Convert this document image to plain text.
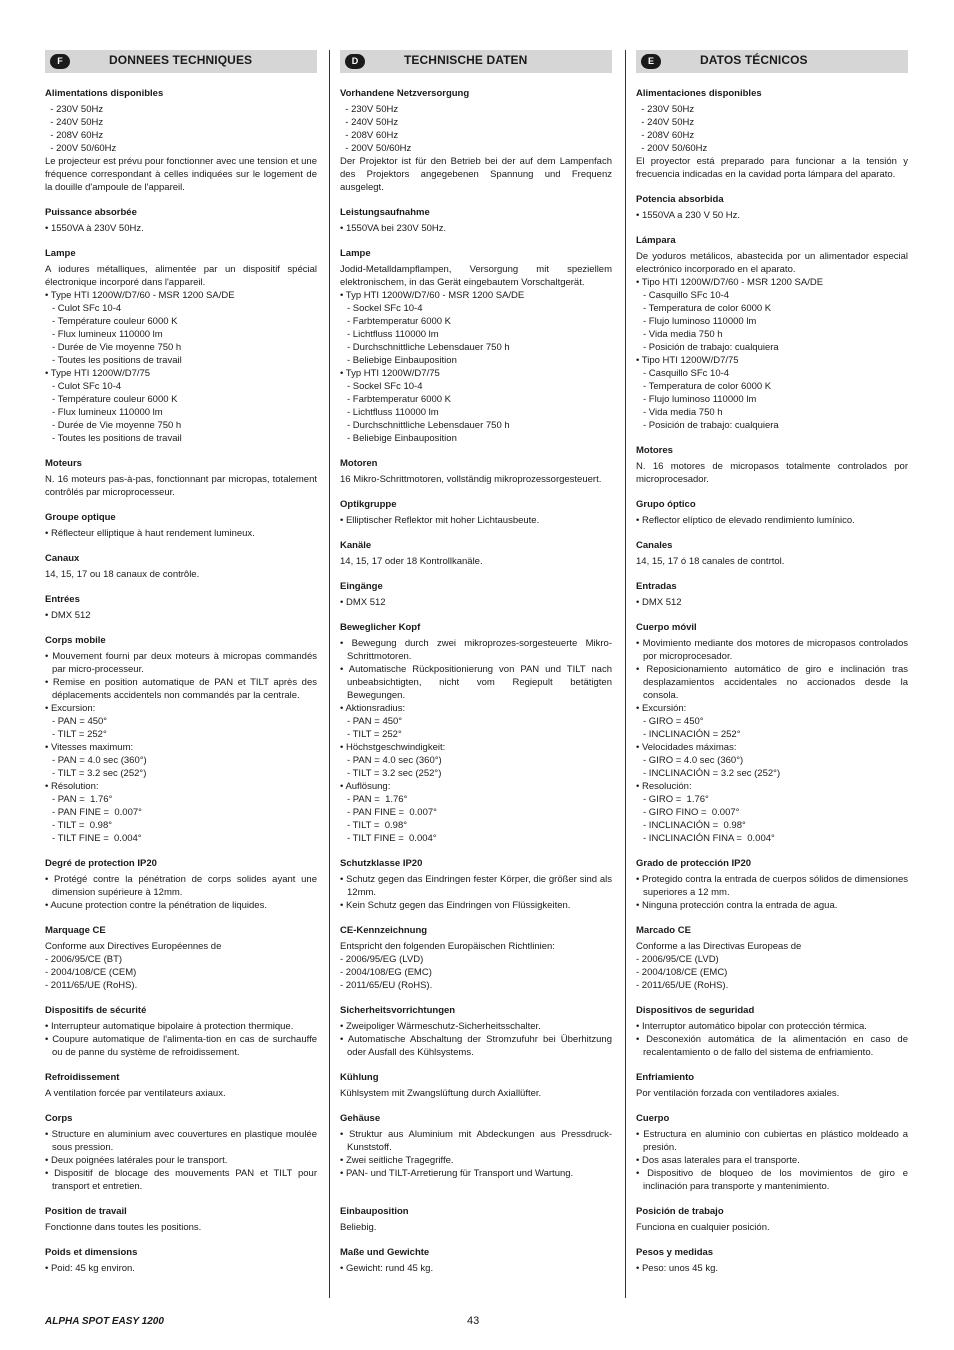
F	DONNEES TECHNIQUES
Alimentations disponibles
- 230V 50Hz
- 240V 50Hz
- 208V 60Hz
- 200V 50/60Hz
Le projecteur est prévu pour fonctionner avec une tension et une fréquence correspondant à celles indiquées sur le logement de la douille d'ampoule de l'appareil.
Puissance absorbée
• 1550VA à 230V 50Hz.
Lampe
A iodures métalliques, alimentée par un dispositif spécial électronique incorporé dans l'appareil.
• Type HTI 1200W/D7/60 - MSR 1200 SA/DE
- Culot SFc 10-4
- Température couleur 6000 K
- Flux lumineux 110000 lm
- Durée de Vie moyenne 750 h
- Toutes les positions de travail
• Type HTI 1200W/D7/75
- Culot SFc 10-4
- Température couleur 6000 K
- Flux lumineux 110000 lm
- Durée de Vie moyenne 750 h
- Toutes les positions de travail
Moteurs
N. 16 moteurs pas-à-pas, fonctionnant par micropas, totalement contrôlés par microprocesseur.
Groupe optique
• Réflecteur elliptique à haut rendement lumineux.
Canaux
14, 15, 17 ou 18 canaux de contrôle.
Entrées
• DMX 512
Corps mobile
• Mouvement fourni par deux moteurs à micropas commandés par micro-processeur.
• Remise en position automatique de PAN et TILT après des déplacements accidentels non commandés par la centrale.
• Excursion:
- PAN = 450°
- TILT = 252°
• Vitesses maximum:
- PAN = 4.0 sec (360°)
- TILT = 3.2 sec (252°)
• Résolution:
- PAN =  1.76°
- PAN FINE =  0.007°
- TILT =  0.98°
- TILT FINE =  0.004°
Degré de protection IP20
• Protégé contre la pénétration de corps solides ayant une dimension supérieure à 12mm.
• Aucune protection contre la pénétration de liquides.
Marquage CE
Conforme aux Directives Européennes de
- 2006/95/CE (BT)
- 2004/108/CE (CEM)
- 2011/65/UE (RoHS).
Dispositifs de sécurité
• Interrupteur automatique bipolaire à protection thermique.
• Coupure automatique de l'alimenta-tion en cas de surchauffe ou de panne du système de refroidissement.
Refroidissement
A ventilation forcée par ventilateurs axiaux.
Corps
• Structure en aluminium avec couvertures en plastique moulée sous pression.
• Deux poignées latérales pour le transport.
• Dispositif de blocage des mouvements PAN et TILT pour transport et entretien.
Position de travail
Fonctionne dans toutes les positions.
Poids et dimensions
• Poid: 45 kg environ.
D	TECHNISCHE DATEN
Vorhandene Netzversorgung
- 230V 50Hz
- 240V 50Hz
- 208V 60Hz
- 200V 50/60Hz
Der Projektor ist für den Betrieb bei der auf dem Lampenfach des Projektors angegebenen Spannung und Frequenz ausgelegt.
Leistungsaufnahme
• 1550VA bei 230V 50Hz.
Lampe
Jodid-Metalldampflampen, Versorgung mit speziellem elektronischem, in das Gerät eingebautem Vorschaltgerät.
• Typ HTI 1200W/D7/60 - MSR 1200 SA/DE
- Sockel SFc 10-4
- Farbtemperatur 6000 K
- Lichtfluss 110000 lm
- Durchschnittliche Lebensdauer 750 h
- Beliebige Einbauposition
• Typ HTI 1200W/D7/75
- Sockel SFc 10-4
- Farbtemperatur 6000 K
- Lichtfluss 110000 lm
- Durchschnittliche Lebensdauer 750 h
- Beliebige Einbauposition
Motoren
16 Mikro-Schrittmotoren, vollständig mikroprozessorgesteuert.
Optikgruppe
• Elliptischer Reflektor mit hoher Lichtausbeute.
Kanäle
14, 15, 17 oder 18 Kontrollkanäle.
Eingänge
• DMX 512
Beweglicher Kopf
• Bewegung durch zwei mikroprozes-sorgesteuerte Mikro-Schrittmotoren.
• Automatische Rückpositionierung von PAN und TILT nach unbeabsichtigten, nicht vom Regiepult betätigten Bewegungen.
• Aktionsradius:
- PAN = 450°
- TILT = 252°
• Höchstgeschwindigkeit:
- PAN = 4.0 sec (360°)
- TILT = 3.2 sec (252°)
• Auflösung:
- PAN =  1.76°
- PAN FINE =  0.007°
- TILT =  0.98°
- TILT FINE =  0.004°
Schutzklasse IP20
• Schutz gegen das Eindringen fester Körper, die größer sind als 12mm.
• Kein Schutz gegen das Eindringen von Flüssigkeiten.
CE-Kennzeichnung
Entspricht den folgenden Europäischen Richtlinien:
- 2006/95/EG (LVD)
- 2004/108/EG (EMC)
- 2011/65/EU (RoHS).
Sicherheitsvorrichtungen
• Zweipoliger Wärmeschutz-Sicherheitsschalter.
• Automatische Abschaltung der Stromzufuhr bei Überhitzung oder Ausfall des Kühlsystems.
Kühlung
Kühlsystem mit Zwangslüftung durch Axiallüfter.
Gehäuse
• Struktur aus Aluminium mit Abdeckungen aus Pressdruck-Kunststoff.
• Zwei seitliche Tragegriffe.
• PAN- und TILT-Arretierung für Transport und Wartung.

Einbauposition
Beliebig.
Maße und Gewichte
• Gewicht: rund 45 kg.
E	DATOS TÉCNICOS
Alimentaciones disponibles
- 230V 50Hz
- 240V 50Hz
- 208V 60Hz
- 200V 50/60Hz
El proyector está preparado para funcionar a la tensión y frecuencia indicadas en la cavidad porta lámpara del aparato.
Potencia absorbida
• 1550VA a 230 V 50 Hz.
Lámpara
De yoduros metálicos, abastecida por un alimentador especial electrónico incorporado en el aparato.
• Tipo HTI 1200W/D7/60 - MSR 1200 SA/DE
- Casquillo SFc 10-4
- Temperatura de color 6000 K
- Flujo luminoso 110000 lm
- Vida media 750 h
- Posición de trabajo: cualquiera
• Tipo HTI 1200W/D7/75
- Casquillo SFc 10-4
- Temperatura de color 6000 K
- Flujo luminoso 110000 lm
- Vida media 750 h
- Posición de trabajo: cualquiera
Motores
N. 16 motores de micropasos totalmente controlados por microprocesador.
Grupo óptico
• Reflector elíptico de elevado rendimiento lumínico.
Canales
14, 15, 17 ó 18 canales de contrtol.
Entradas
• DMX 512
Cuerpo móvil
• Movimiento mediante dos motores de micropasos controlados por microprocesador.
• Reposicionamiento automático de giro e inclinación tras desplazamientos accidentales no accionados desde la consola.
• Excursión:
- GIRO = 450°
- INCLINACIÓN = 252°
• Velocidades máximas:
- GIRO = 4.0 sec (360°)
- INCLINACIÓN = 3.2 sec (252°)
• Resolución:
- GIRO =  1.76°
- GIRO FINO =  0.007°
- INCLINACIÓN =  0.98°
- INCLINACIÓN FINA =  0.004°
Grado de protección IP20
• Protegido contra la entrada de cuerpos sólidos de dimensiones superiores a 12 mm.
• Ninguna protección contra la entrada de agua.
Marcado CE
Conforme a las Directivas Europeas de
- 2006/95/CE (LVD)
- 2004/108/CE (EMC)
- 2011/65/UE (RoHS).
Dispositivos de seguridad
• Interruptor automático bipolar con protección térmica.
• Desconexión automática de la alimentación en caso de recalentamiento o de fallo del sistema de enfriamiento.
Enfriamiento
Por ventilación forzada con ventiladores axiales.
Cuerpo
• Estructura en aluminio con cubiertas en plástico moldeado a presión.
• Dos asas laterales para el transporte.
• Dispositivo de bloqueo de los movimientos de giro e inclinación para transporte y mantenimiento.
Posición de trabajo
Funciona en cualquier posición.
Pesos y medidas
• Peso: unos 45 kg.
ALPHA SPOT EASY 1200	43
